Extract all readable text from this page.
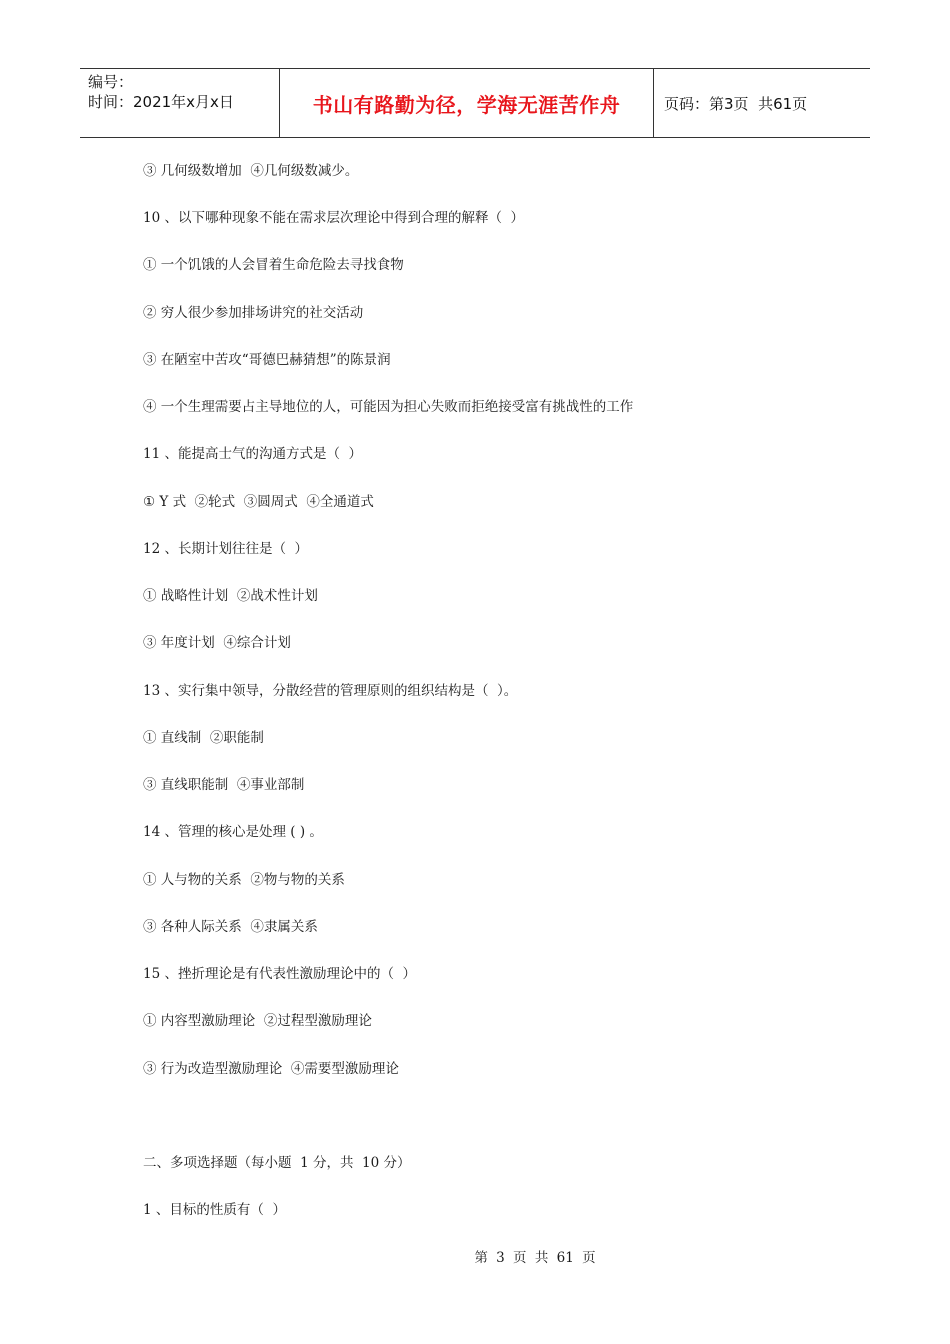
编号：
时间：2021年x月x日	书山有路勤为径，学海无涯苦作舟	页码：第3页  共61页
③ 几何级数增加  ④几何级数减少。
10 、以下哪种现象不能在需求层次理论中得到合理的解释（  ）
① 一个饥饿的人会冒着生命危险去寻找食物
② 穷人很少参加排场讲究的社交活动
③ 在陋室中苦攻“哥德巴赫猜想”的陈景润
④ 一个生理需要占主导地位的人，可能因为担心失败而拒绝接受富有挑战性的工作
11 、能提高士气的沟通方式是（  ）
① Y 式  ②轮式  ③圆周式  ④全通道式
12 、长期计划往往是（  ）
① 战略性计划  ②战术性计划
③ 年度计划  ④综合计划
13 、实行集中领导，分散经营的管理原则的组织结构是（  ）。
① 直线制  ②职能制
③ 直线职能制  ④事业部制
14 、管理的核心是处理 ( ) 。
① 人与物的关系  ②物与物的关系
③ 各种人际关系  ④隶属关系
15 、挫折理论是有代表性激励理论中的（  ）
① 内容型激励理论  ②过程型激励理论
③ 行为改造型激励理论  ④需要型激励理论
二、多项选择题（每小题  1 分，共  10 分）
1 、目标的性质有（  ）
第 3 页 共 61 页
